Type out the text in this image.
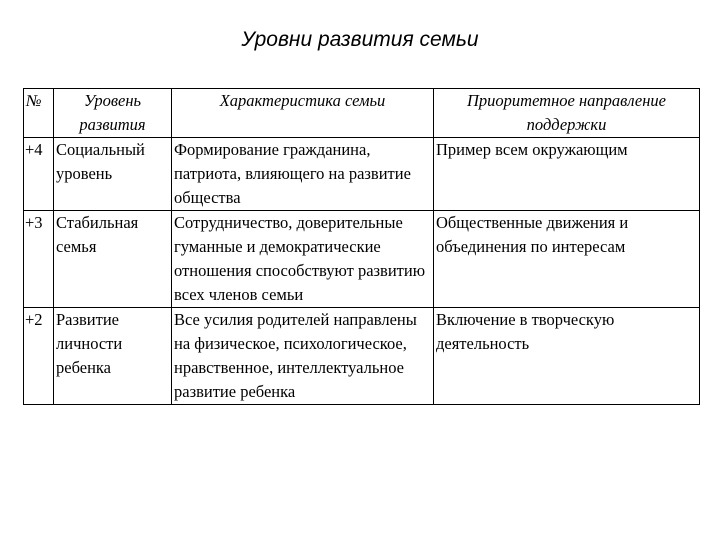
Уровни развития семьи
№	Уровень развития	Характеристика семьи	Приоритетное направление поддержки
+4	Социальный уровень	Формирование гражданина, патриота, влияющего на развитие общества	Пример всем окружающим
+3	Стабильная семья	Сотрудничество, доверительные гуманные и демократические отношения способствуют развитию всех членов семьи	Общественные движения и объединения по интересам
+2	Развитие личности ребенка	Все усилия родителей направлены на физическое, психологическое, нравственное, интеллектуальное развитие ребенка	Включение в творческую деятельность
